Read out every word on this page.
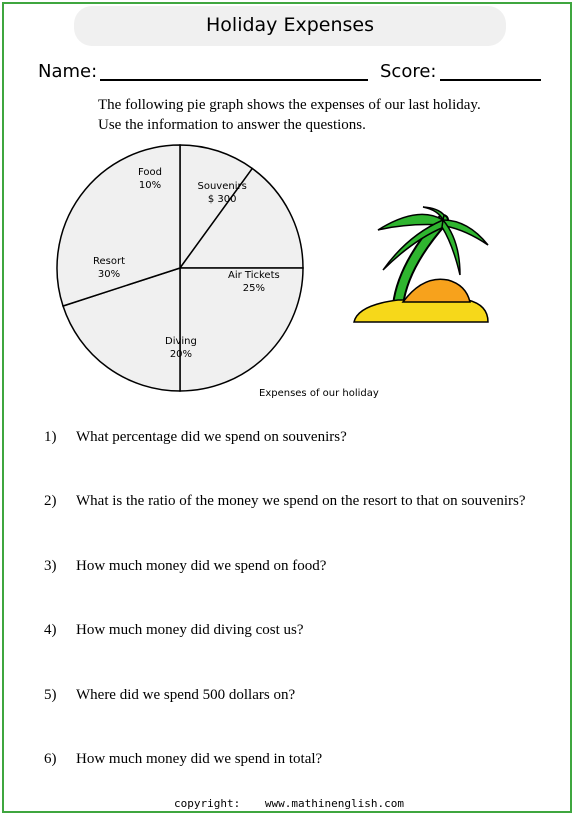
Holiday Expenses
Name:	Score:

The following pie graph shows the expenses of our last holiday.

Use the information to answer the questions.

Food
10%	Souvenirs
$ 300
Air Tickets
25%
Diving
20%
Resort
30%
Expenses of our holiday
1) What percentage did we spend on souvenirs?
2) What is the ratio of the money we spend on the resort to that on souvenirs?
3) How much money did we spend on food?
4) How much money did diving cost us?
5) Where did we spend 500 dollars on?
6) How much money did we spend in total?
copyright: www.mathinenglish.com
